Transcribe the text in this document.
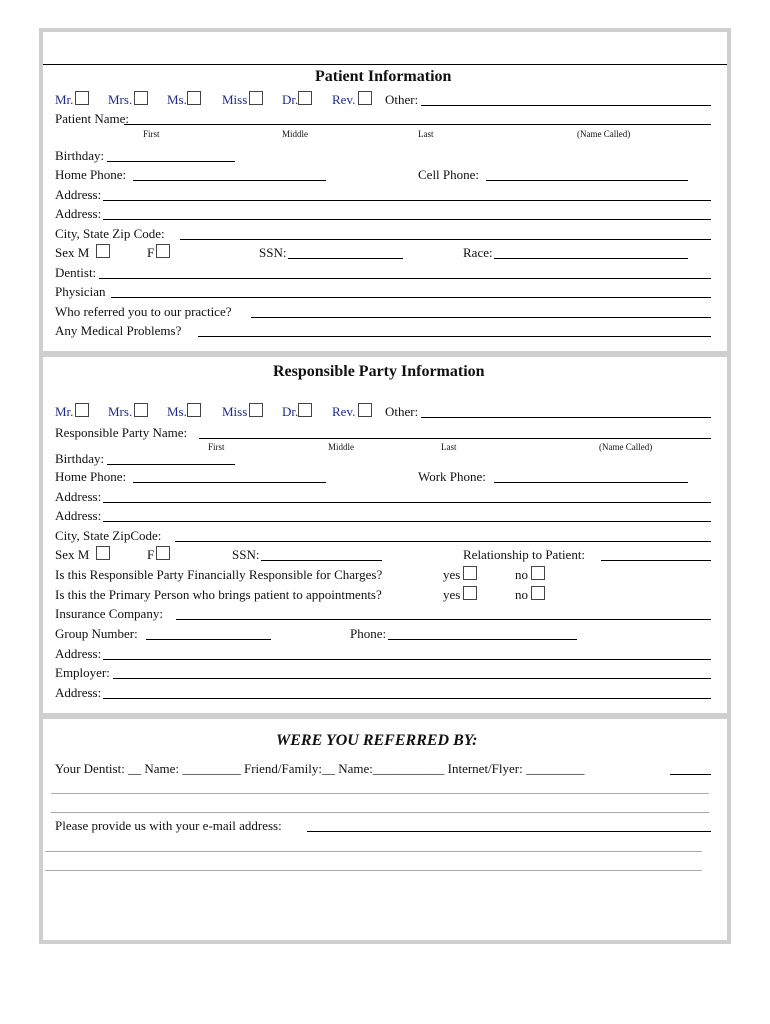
Patient Information
Mr.	Mrs.	Ms.	Miss	Dr.	Rev. Other:
Patient Name:
First	Middle	Last	(Name Called)
Birthday:
Home Phone:	Cell Phone:
Address:
Address:
City, State Zip Code:
Sex M	F	SSN:	Race:
Dentist:
Physician
Who referred you to our practice?
Any Medical Problems?
Responsible Party Information
Mr.	Mrs.	Ms.	Miss	Dr.	Rev. Other:
Responsible Party Name:
First	Middle	Last	(Name Called)
Birthday:
Home Phone:	Work Phone:
Address:
Address:
City, State ZipCode:
Sex M	F	SSN:	Relationship to Patient:
Is this Responsible Party Financially Responsible for Charges?	yes	no
Is this the Primary Person who brings patient to appointments?	yes	no
Insurance Company:
Group Number:	Phone:
Address:
Employer:
Address:
WERE YOU REFERRED BY:
Your Dentist: __ Name: _________ Friend/Family:__ Name:___________ Internet/Flyer: _________
Please provide us with your e-mail address:
